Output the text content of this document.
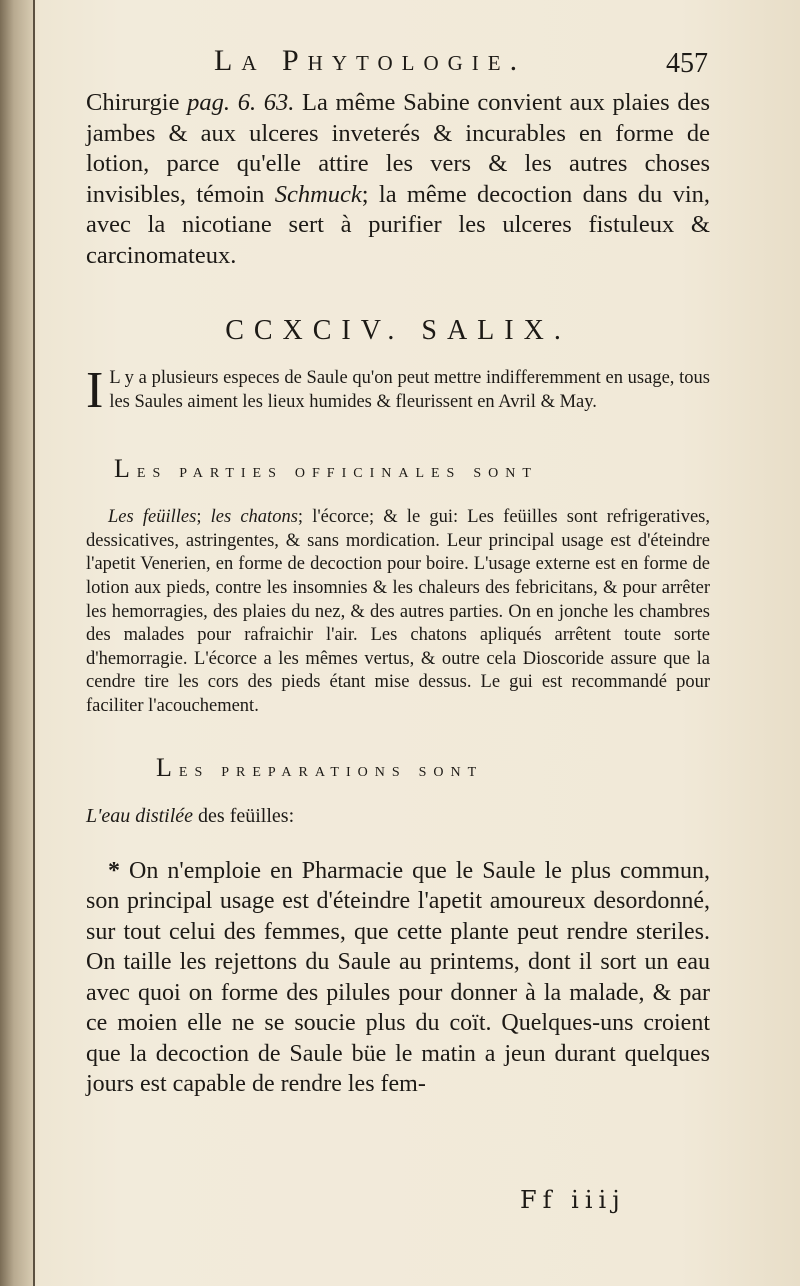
La Phytologie.	457

Chirurgie pag. 6. 63. La même Sabine convient aux plaies des jambes & aux ulceres inveterés & incurables en forme de lotion, parce qu'elle attire les vers & les autres choses invisibles, témoin Schmuck; la même decoction dans du vin, avec la nicotiane sert à purifier les ulceres fistuleux & carcinomateux.

CCXCIV. SALIX.
I L y a plusieurs especes de Saule qu'on peut mettre indifferemment en usage, tous les Saules aiment les lieux humides & fleurissent en Avril & May.
Les parties officinales sont
Les feüilles; les chatons; l'écorce; & le gui: Les feüilles sont refrigeratives, dessicatives, astringentes, & sans mordication. Leur principal usage est d'éteindre l'apetit Venerien, en forme de decoction pour boire. L'usage externe est en forme de lotion aux pieds, contre les insomnies & les chaleurs des febricitans, & pour arrêter les hemorragies, des plaies du nez, & des autres parties. On en jonche les chambres des malades pour rafraichir l'air. Les chatons apliqués arrêtent toute sorte d'hemorragie. L'écorce a les mêmes vertus, & outre cela Dioscoride assure que la cendre tire les cors des pieds étant mise dessus. Le gui est recommandé pour faciliter l'acouchement.
Les preparations sont
L'eau distilée des feüilles:
* On n'emploie en Pharmacie que le Saule le plus commun, son principal usage est d'éteindre l'apetit amoureux desordonné, sur tout celui des femmes, que cette plante peut rendre steriles. On taille les rejettons du Saule au printems, dont il sort un eau avec quoi on forme des pilules pour donner à la malade, & par ce moien elle ne se soucie plus du coït. Quelques-uns croient que la decoction de Saule büe le matin a jeun durant quelques jours est capable de rendre les fem-
Ff iiij
